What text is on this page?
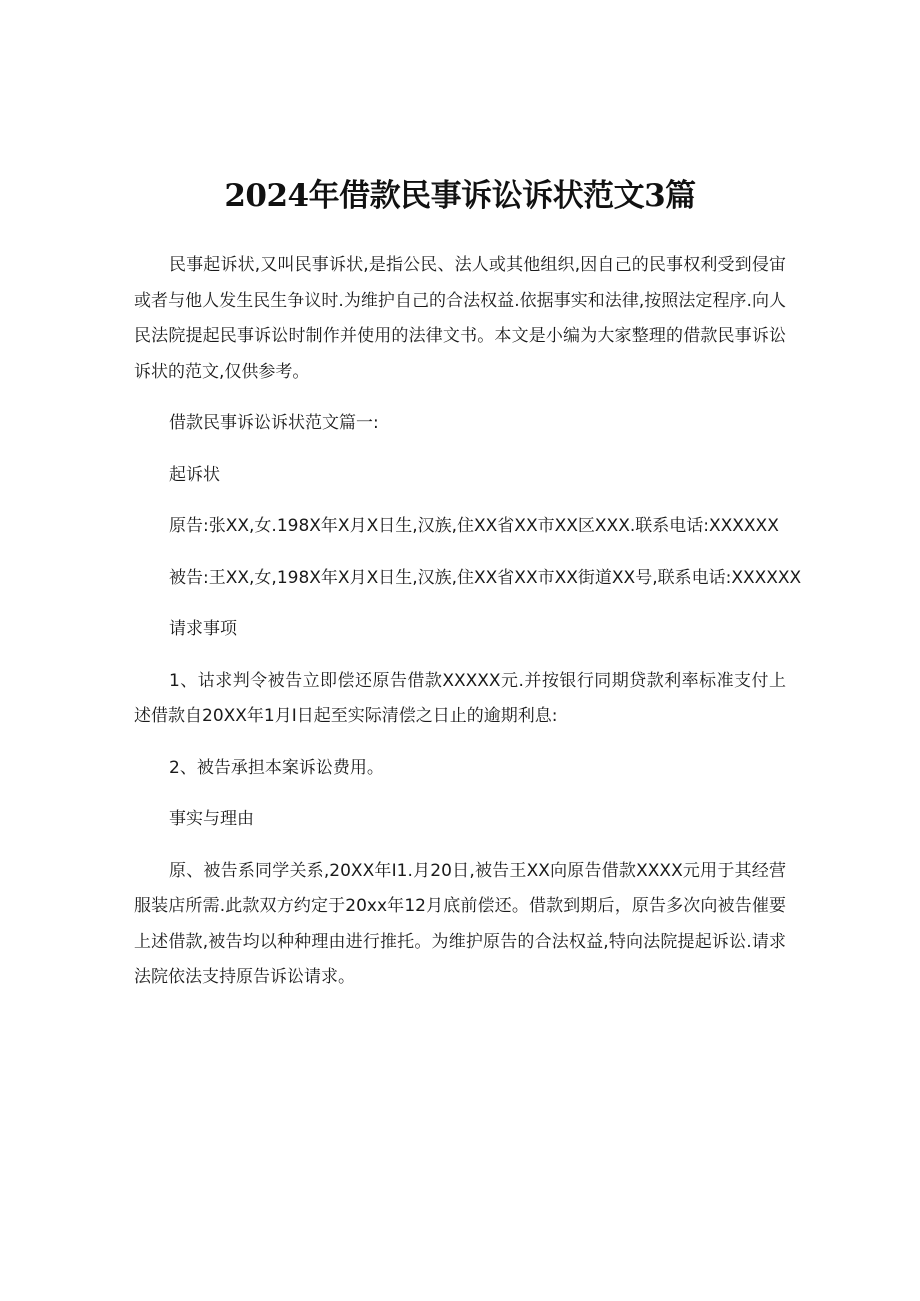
2024年借款民事诉讼诉状范文3篇

民事起诉状,又叫民事诉状,是指公民、法人或其他组织,因自己的民事权利受到侵宙或者与他人发生民生争议时.为维护自己的合法权益.依据事实和法律,按照法定程序.向人民法院提起民事诉讼时制作并使用的法律文书。本文是小编为大家整理的借款民事诉讼诉状的范文,仅供参考。

借款民事诉讼诉状范文篇一:

起诉状

原告:张XX,女.198X年X月X日生,汉族,住XX省XX市XX区XXX.联系电话:XXXXXX

被告:王XX,女,198X年X月X日生,汉族,住XX省XX市XX街道XX号,联系电话:XXXXXX

请求事项

1、诂求判令被告立即偿还原告借款XXXXX元.并按银行同期贷款利率标准支付上述借款自20XX年1月I日起至实际清偿之日止的逾期利息:

2、被告承担本案诉讼费用。

事实与理由

原、被告系同学关系,20XX年I1.月20日,被告王XX向原告借款XXXX元用于其经营服装店所需.此款双方约定于20xx年12月底前偿还。借款到期后，原告多次向被告催要上述借款,被告均以种种理由进行推托。为维护原告的合法权益,特向法院提起诉讼.请求法院依法支持原告诉讼请求。
